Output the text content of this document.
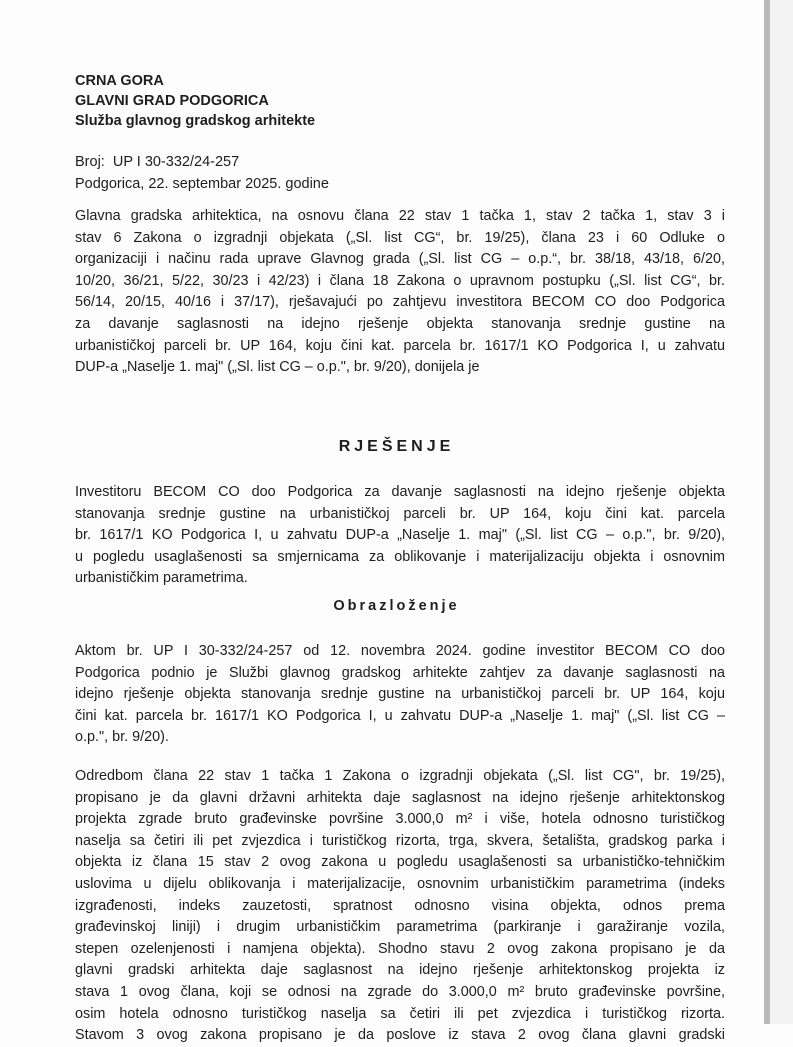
CRNA GORA
GLAVNI GRAD PODGORICA
Služba glavnog gradskog arhitekte
Broj:  UP I 30-332/24-257
Podgorica, 22. septembar 2025. godine
Glavna gradska arhitektica, na osnovu člana 22 stav 1 tačka 1, stav 2 tačka 1, stav 3 i
stav 6 Zakona o izgradnji objekata („Sl. list CG“, br. 19/25), člana 23 i 60 Odluke o
organizaciji i načinu rada uprave Glavnog grada („Sl. list CG – o.p.“, br. 38/18, 43/18, 6/20,
10/20, 36/21, 5/22, 30/23 i 42/23) i člana 18 Zakona o upravnom postupku („Sl. list CG“, br.
56/14, 20/15, 40/16 i 37/17), rješavajući po zahtjevu investitora BECOM CO doo Podgorica
za davanje saglasnosti na idejno rješenje objekta stanovanja srednje gustine na
urbanističkoj parceli br. UP 164, koju čini kat. parcela br. 1617/1 KO Podgorica I, u zahvatu
DUP-a „Naselje 1. maj" („Sl. list CG – o.p.", br. 9/20), donijela je
RJEŠENJE
Investitoru BECOM CO doo Podgorica za davanje saglasnosti na idejno rješenje objekta
stanovanja srednje gustine na urbanističkoj parceli br. UP 164, koju čini kat. parcela
br. 1617/1 KO Podgorica I, u zahvatu DUP-a „Naselje 1. maj" („Sl. list CG – o.p.", br. 9/20),
u pogledu usaglašenosti sa smjernicama za oblikovanje i materijalizaciju objekta i osnovnim
urbanističkim parametrima.
Obrazloženje
Aktom br. UP I 30-332/24-257 od 12. novembra 2024. godine investitor BECOM CO doo
Podgorica podnio je Službi glavnog gradskog arhitekte zahtjev za davanje saglasnosti na
idejno rješenje objekta stanovanja srednje gustine na urbanističkoj parceli br. UP 164, koju
čini kat. parcela br. 1617/1 KO Podgorica I, u zahvatu DUP-a „Naselje 1. maj" („Sl. list CG –
o.p.", br. 9/20).
Odredbom člana 22 stav 1 tačka 1 Zakona o izgradnji objekata („Sl. list CG", br. 19/25),
propisano je da glavni državni arhitekta daje saglasnost na idejno rješenje arhitektonskog
projekta zgrade bruto građevinske površine 3.000,0 m² i više, hotela odnosno turističkog
naselja sa četiri ili pet zvjezdica i turističkog rizorta, trga, skvera, šetališta, gradskog parka i
objekta iz člana 15 stav 2 ovog zakona u pogledu usaglašenosti sa urbanističko-tehničkim
uslovima u dijelu oblikovanja i materijalizacije, osnovnim urbanističkim parametrima (indeks
izgrađenosti, indeks zauzetosti, spratnost odnosno visina objekta, odnos prema
građevinskoj liniji) i drugim urbanističkim parametrima (parkiranje i garažiranje vozila,
stepen ozelenjenosti i namjena objekta). Shodno stavu 2 ovog zakona propisano je da
glavni gradski arhitekta daje saglasnost na idejno rješenje arhitektonskog projekta iz
stava 1 ovog člana, koji se odnosi na zgrade do 3.000,0 m² bruto građevinske površine,
osim hotela odnosno turističkog naselja sa četiri ili pet zvjezdica i turističkog rizorta.
Stavom 3 ovog zakona propisano je da poslove iz stava 2 ovog člana glavni gradski
